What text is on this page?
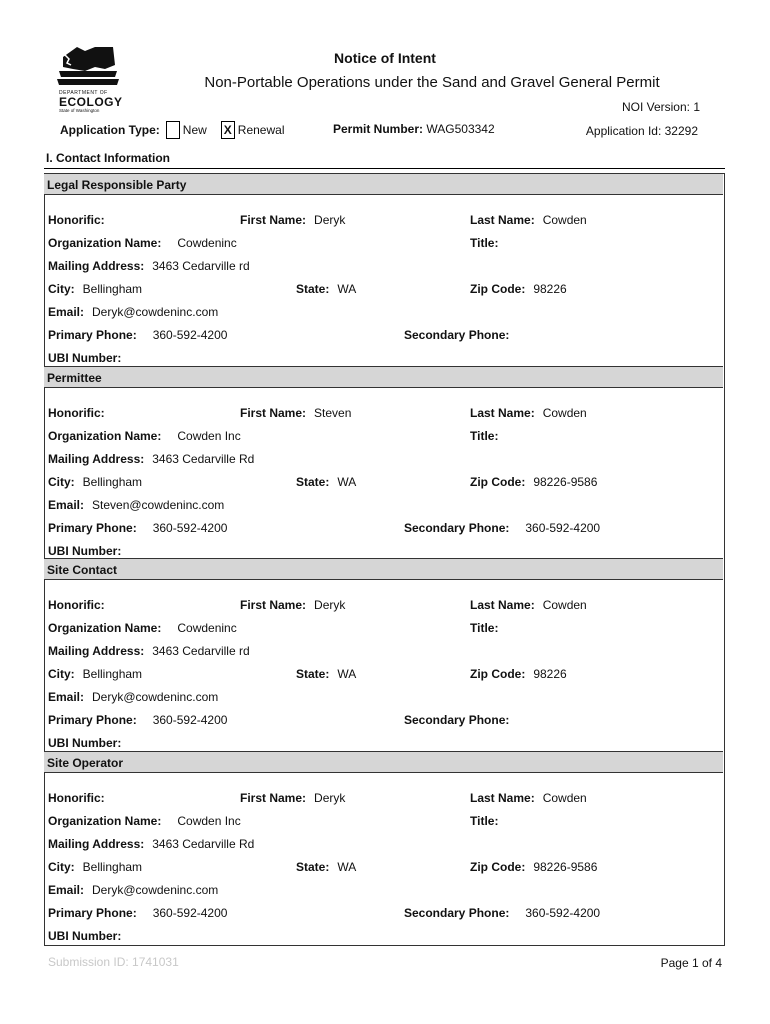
DEPARTMENT OF
ECOLOGY
State of Washington
Notice of Intent
Non-Portable Operations under the Sand and Gravel General Permit
NOI Version: 1
Application Type: New X Renewal	Permit Number: WAG503342	Application Id: 32292
I. Contact Information
Legal Responsible Party
Honorific:	First Name: Deryk	Last Name: Cowden
Organization Name: Cowdeninc	Title:
Mailing Address: 3463 Cedarville rd
City: Bellingham	State: WA	Zip Code: 98226
Email: Deryk@cowdeninc.com
Primary Phone: 360-592-4200	Secondary Phone:
UBI Number:
Permittee
Honorific:	First Name: Steven	Last Name: Cowden
Organization Name: Cowden Inc	Title:
Mailing Address: 3463 Cedarville Rd
City: Bellingham	State: WA	Zip Code: 98226-9586
Email: Steven@cowdeninc.com
Primary Phone: 360-592-4200	Secondary Phone: 360-592-4200
UBI Number:
Site Contact
Honorific:	First Name: Deryk	Last Name: Cowden
Organization Name: Cowdeninc	Title:
Mailing Address: 3463 Cedarville rd
City: Bellingham	State: WA	Zip Code: 98226
Email: Deryk@cowdeninc.com
Primary Phone: 360-592-4200	Secondary Phone:
UBI Number:
Site Operator
Honorific:	First Name: Deryk	Last Name: Cowden
Organization Name: Cowden Inc	Title:
Mailing Address: 3463 Cedarville Rd
City: Bellingham	State: WA	Zip Code: 98226-9586
Email: Deryk@cowdeninc.com
Primary Phone: 360-592-4200	Secondary Phone: 360-592-4200
UBI Number:
Submission ID: 1741031	Page 1 of 4
